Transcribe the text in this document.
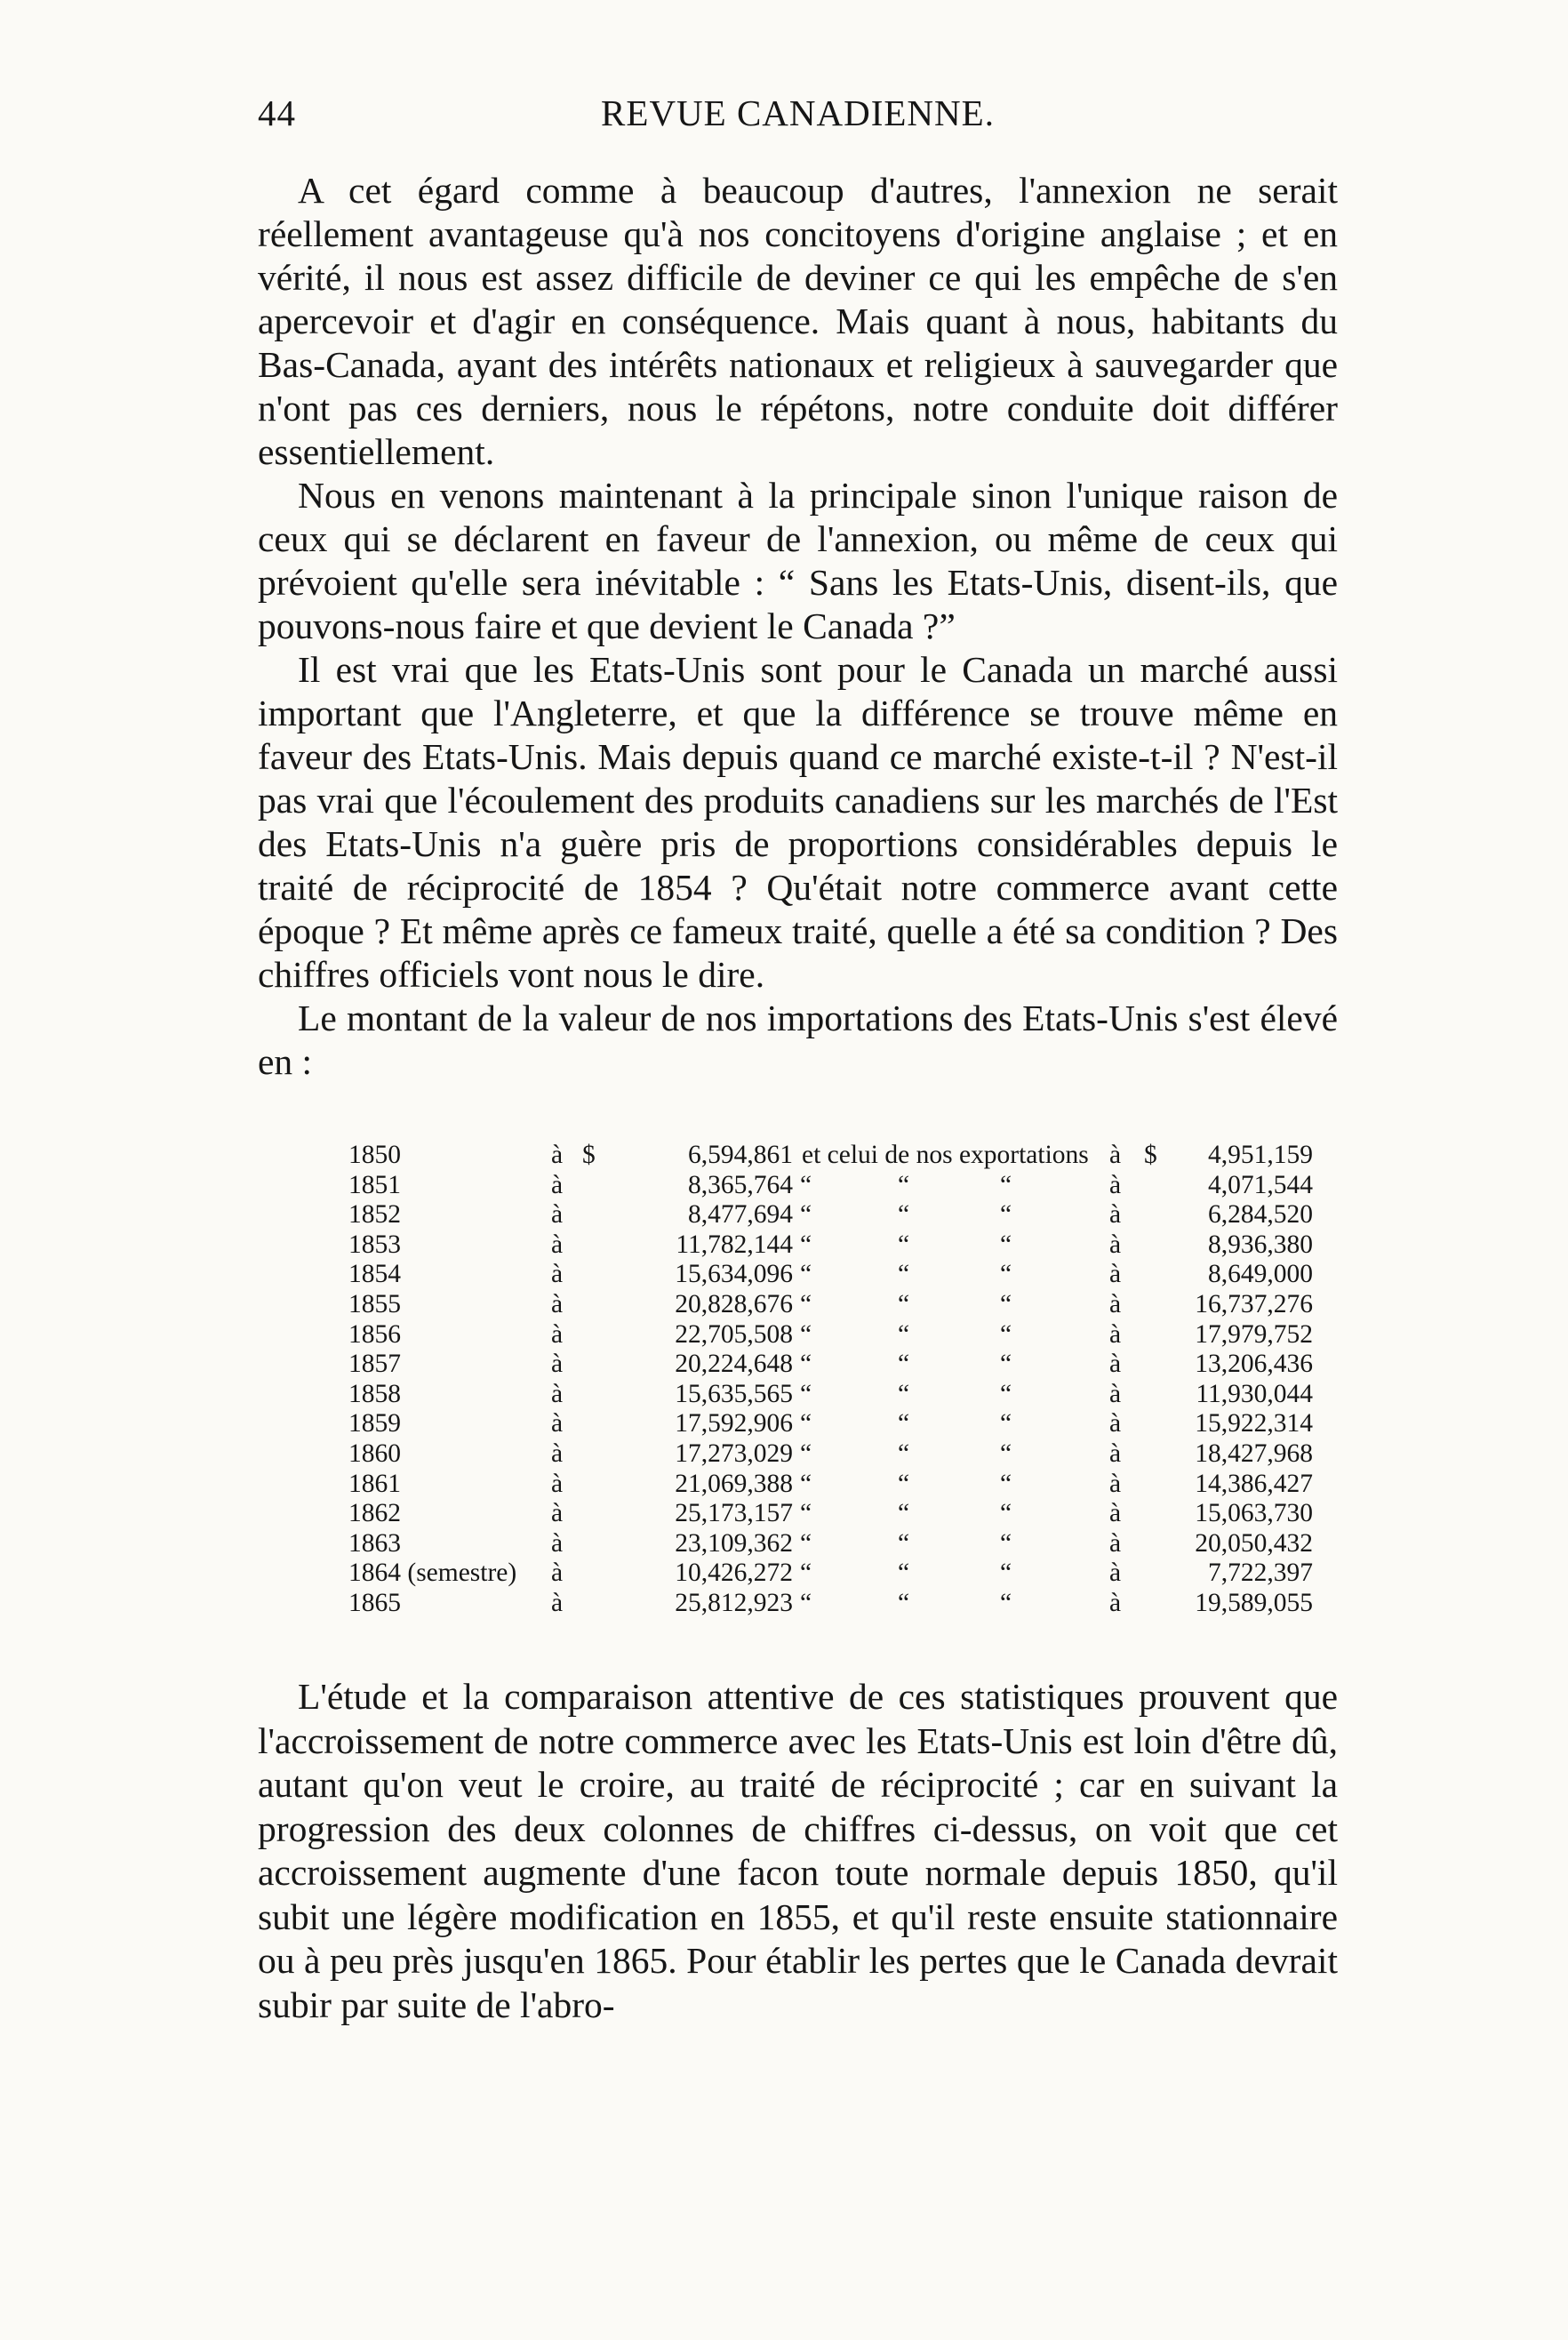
44	REVUE CANADIENNE.

A cet égard comme à beaucoup d'autres, l'annexion ne serait réellement avantageuse qu'à nos concitoyens d'origine anglaise ; et en vérité, il nous est assez difficile de deviner ce qui les empêche de s'en apercevoir et d'agir en conséquence. Mais quant à nous, habitants du Bas-Canada, ayant des intérêts nationaux et religieux à sauvegarder que n'ont pas ces derniers, nous le répétons, notre conduite doit différer essentiellement.

Nous en venons maintenant à la principale sinon l'unique raison de ceux qui se déclarent en faveur de l'annexion, ou même de ceux qui prévoient qu'elle sera inévitable : “ Sans les Etats-Unis, disent-ils, que pouvons-nous faire et que devient le Canada ?”

Il est vrai que les Etats-Unis sont pour le Canada un marché aussi important que l'Angleterre, et que la différence se trouve même en faveur des Etats-Unis. Mais depuis quand ce marché existe-t-il ? N'est-il pas vrai que l'écoulement des produits canadiens sur les marchés de l'Est des Etats-Unis n'a guère pris de proportions considérables depuis le traité de réciprocité de 1854 ? Qu'était notre commerce avant cette époque ? Et même après ce fameux traité, quelle a été sa condition ? Des chiffres officiels vont nous le dire.

Le montant de la valeur de nos importations des Etats-Unis s'est élevé en :

1850	à $	6,594,861 et celui de nos exportations à $	4,951,159
1851	à	8,365,764 “	“	“	à	4,071,544
1852	à	8,477,694 “	“	“	à	6,284,520
1853	à	11,782,144 “	“	“	à	8,936,380
1854	à	15,634,096 “	“	“	à	8,649,000
1855	à	20,828,676 “	“	“	à	16,737,276
1856	à	22,705,508 “	“	“	à	17,979,752
1857	à	20,224,648 “	“	“	à	13,206,436
1858	à	15,635,565 “	“	“	à	11,930,044
1859	à	17,592,906 “	“	“	à	15,922,314
1860	à	17,273,029 “	“	“	à	18,427,968
1861	à	21,069,388 “	“	“	à	14,386,427
1862	à	25,173,157 “	“	“	à	15,063,730
1863	à	23,109,362 “	“	“	à	20,050,432
1864 (semestre) à	10,426,272 “	“	“	à	7,722,397
1865	à	25,812,923 “	“	“	à	19,589,055

L'étude et la comparaison attentive de ces statistiques prouvent que l'accroissement de notre commerce avec les Etats-Unis est loin d'être dû, autant qu'on veut le croire, au traité de réciprocité ; car en suivant la progression des deux colonnes de chiffres ci-dessus, on voit que cet accroissement augmente d'une facon toute normale depuis 1850, qu'il subit une légère modification en 1855, et qu'il reste ensuite stationnaire ou à peu près jusqu'en 1865. Pour établir les pertes que le Canada devrait subir par suite de l'abro-
